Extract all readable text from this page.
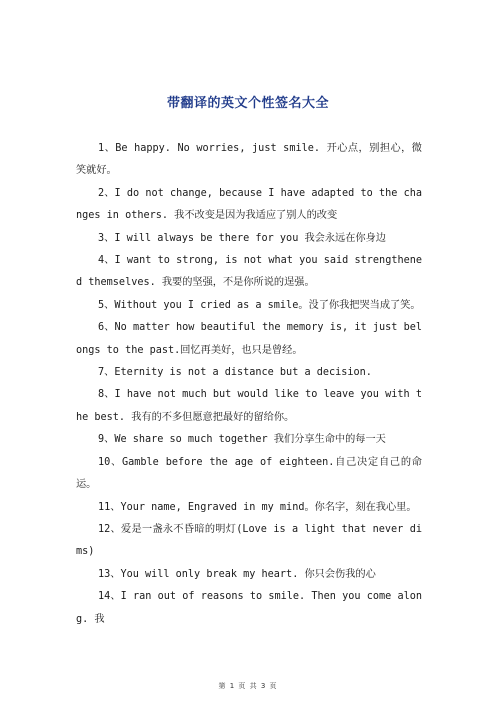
带翻译的英文个性签名大全

1、Be happy. No worries, just smile. 开心点，别担心，微笑就好。

2、I do not change, because I have adapted to the changes in others. 我不改变是因为我适应了别人的改变

3、I will always be there for you 我会永远在你身边

4、I want to strong, is not what you said strengthened themselves. 我要的坚强，不是你所说的逞强。

5、Without you I cried as a smile。没了你我把哭当成了笑。

6、No matter how beautiful the memory is, it just belongs to the past.回忆再美好，也只是曾经。

7、Eternity is not a distance but a decision.

8、I have not much but would like to leave you with the best. 我有的不多但愿意把最好的留给你。

9、We share so much together 我们分享生命中的每一天

10、Gamble before the age of eighteen.自己决定自己的命运。

11、Your name, Engraved in my mind。你名字，刻在我心里。

12、爱是一盏永不昏暗的明灯(Love is a light that never dims)

13、You will only break my heart. 你只会伤我的心

14、I ran out of reasons to smile. Then you come along. 我

第 1 页 共 3 页
